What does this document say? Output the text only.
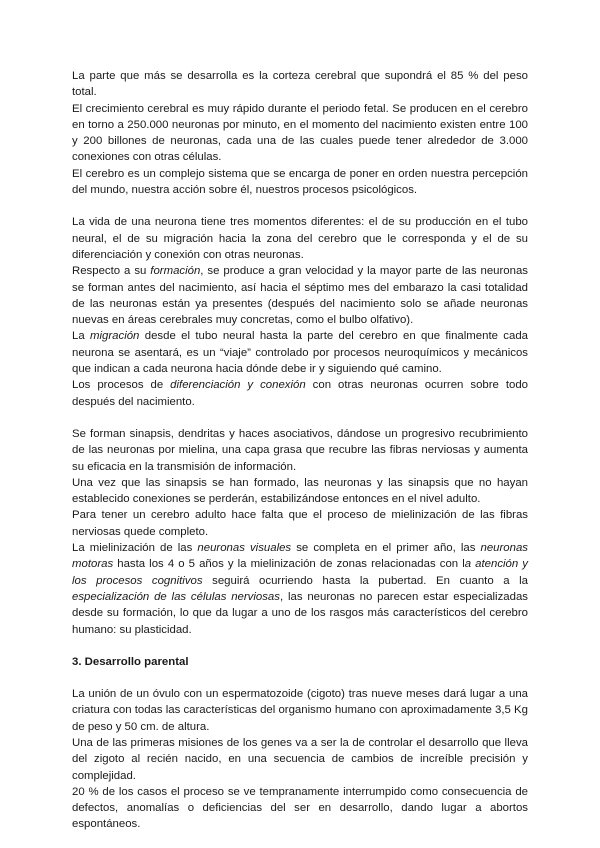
La parte que más se desarrolla es la corteza cerebral que supondrá el 85 % del peso total.

El crecimiento cerebral es muy rápido durante el periodo fetal. Se producen en el cerebro en torno a 250.000 neuronas por minuto, en el momento del nacimiento existen entre 100 y 200 billones de neuronas, cada una de las cuales puede tener alrededor de 3.000 conexiones con otras células.

El cerebro es un complejo sistema que se encarga de poner en orden nuestra percepción del mundo, nuestra acción sobre él, nuestros procesos psicológicos.

La vida de una neurona tiene tres momentos diferentes: el de su producción en el tubo neural, el de su migración hacia la zona del cerebro que le corresponda y el de su diferenciación y conexión con otras neuronas.

Respecto a su formación, se produce a gran velocidad y la mayor parte de las neuronas se forman antes del nacimiento, así hacia el séptimo mes del embarazo la casi totalidad de las neuronas están ya presentes (después del nacimiento solo se añade neuronas nuevas en áreas cerebrales muy concretas, como el bulbo olfativo).

La migración desde el tubo neural hasta la parte del cerebro en que finalmente cada neurona se asentará, es un “viaje” controlado por procesos neuroquímicos y mecánicos que indican a cada neurona hacia dónde debe ir y siguiendo qué camino.

Los procesos de diferenciación y conexión con otras neuronas ocurren sobre todo después del nacimiento.

Se forman sinapsis, dendritas y haces asociativos, dándose un progresivo recubrimiento de las neuronas por mielina, una capa grasa que recubre las fibras nerviosas y aumenta su eficacia en la transmisión de información.

Una vez que las sinapsis se han formado, las neuronas y las sinapsis que no hayan establecido conexiones se perderán, estabilizándose entonces en el nivel adulto.

Para tener un cerebro adulto hace falta que el proceso de mielinización de las fibras nerviosas quede completo.

La mielinización de las neuronas visuales se completa en el primer año, las neuronas motoras hasta los 4 o 5 años y la mielinización de zonas relacionadas con la atención y los procesos cognitivos seguirá ocurriendo hasta la pubertad. En cuanto a la especialización de las células nerviosas, las neuronas no parecen estar especializadas desde su formación, lo que da lugar a uno de los rasgos más característicos del cerebro humano: su plasticidad.

3. Desarrollo parental

La unión de un óvulo con un espermatozoide (cigoto) tras nueve meses dará lugar a una criatura con todas las características del organismo humano con aproximadamente 3,5 Kg de peso y 50 cm. de altura.

Una de las primeras misiones de los genes va a ser la de controlar el desarrollo que lleva del zigoto al recién nacido, en una secuencia de cambios de increíble precisión y complejidad.

20 % de los casos el proceso se ve tempranamente interrumpido como consecuencia de defectos, anomalías o deficiencias del ser en desarrollo, dando lugar a abortos espontáneos.
